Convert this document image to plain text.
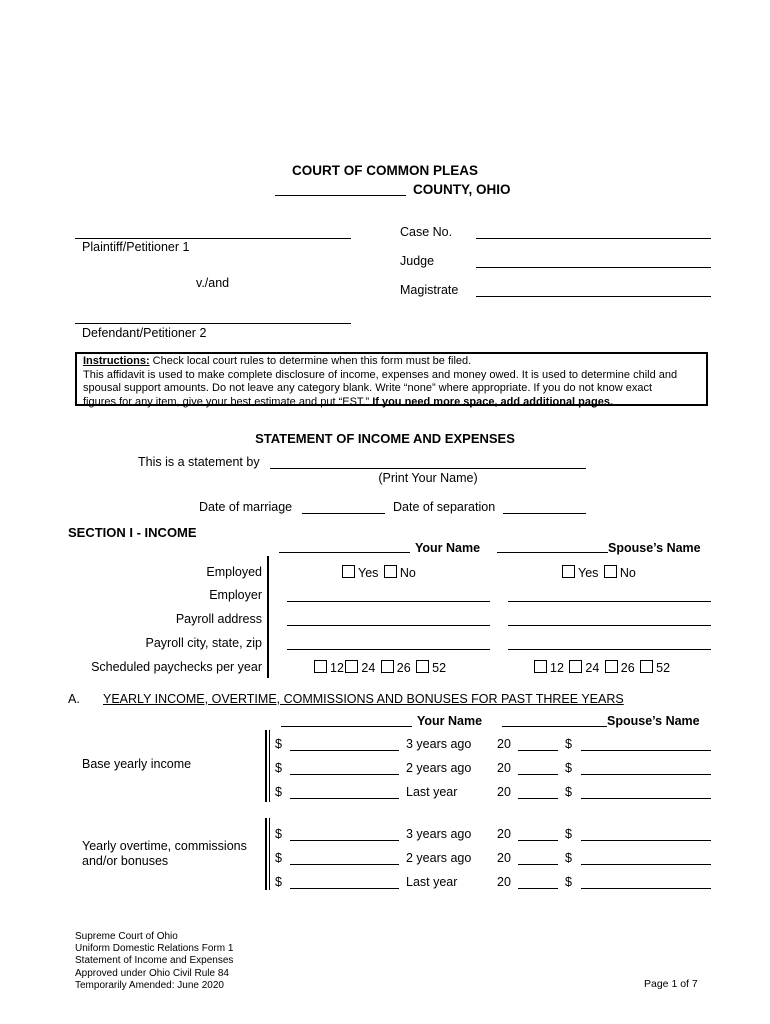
COURT OF COMMON PLEAS
COUNTY, OHIO
Plaintiff/Petitioner 1
v./and
Defendant/Petitioner 2
Case No.
Judge
Magistrate
Instructions: Check local court rules to determine when this form must be filed.
This affidavit is used to make complete disclosure of income, expenses and money owed. It is used to determine child and
spousal support amounts. Do not leave any category blank. Write “none” where appropriate. If you do not know exact
figures for any item, give your best estimate and put “EST.” If you need more space, add additional pages.
STATEMENT OF INCOME AND EXPENSES
This is a statement by
(Print Your Name)
Date of marriage	Date of separation
SECTION I - INCOME
Your Name	Spouse’s Name
Employed	Yes No	Yes No
Employer
Payroll address
Payroll city, state, zip
Scheduled paychecks per year	12 24 26 52	12 24 26 52
A. YEARLY INCOME, OVERTIME, COMMISSIONS AND BONUSES FOR PAST THREE YEARS
Your Name	Spouse’s Name
Base yearly income
$	3 years ago 20	$
$	2 years ago 20	$
$	Last year	20	$
Yearly overtime, commissions
and/or bonuses
$	3 years ago 20	$
$	2 years ago 20	$
$	Last year	20	$
Supreme Court of Ohio
Uniform Domestic Relations Form 1
Statement of Income and Expenses
Approved under Ohio Civil Rule 84
Temporarily Amended: June 2020	Page 1 of 7
